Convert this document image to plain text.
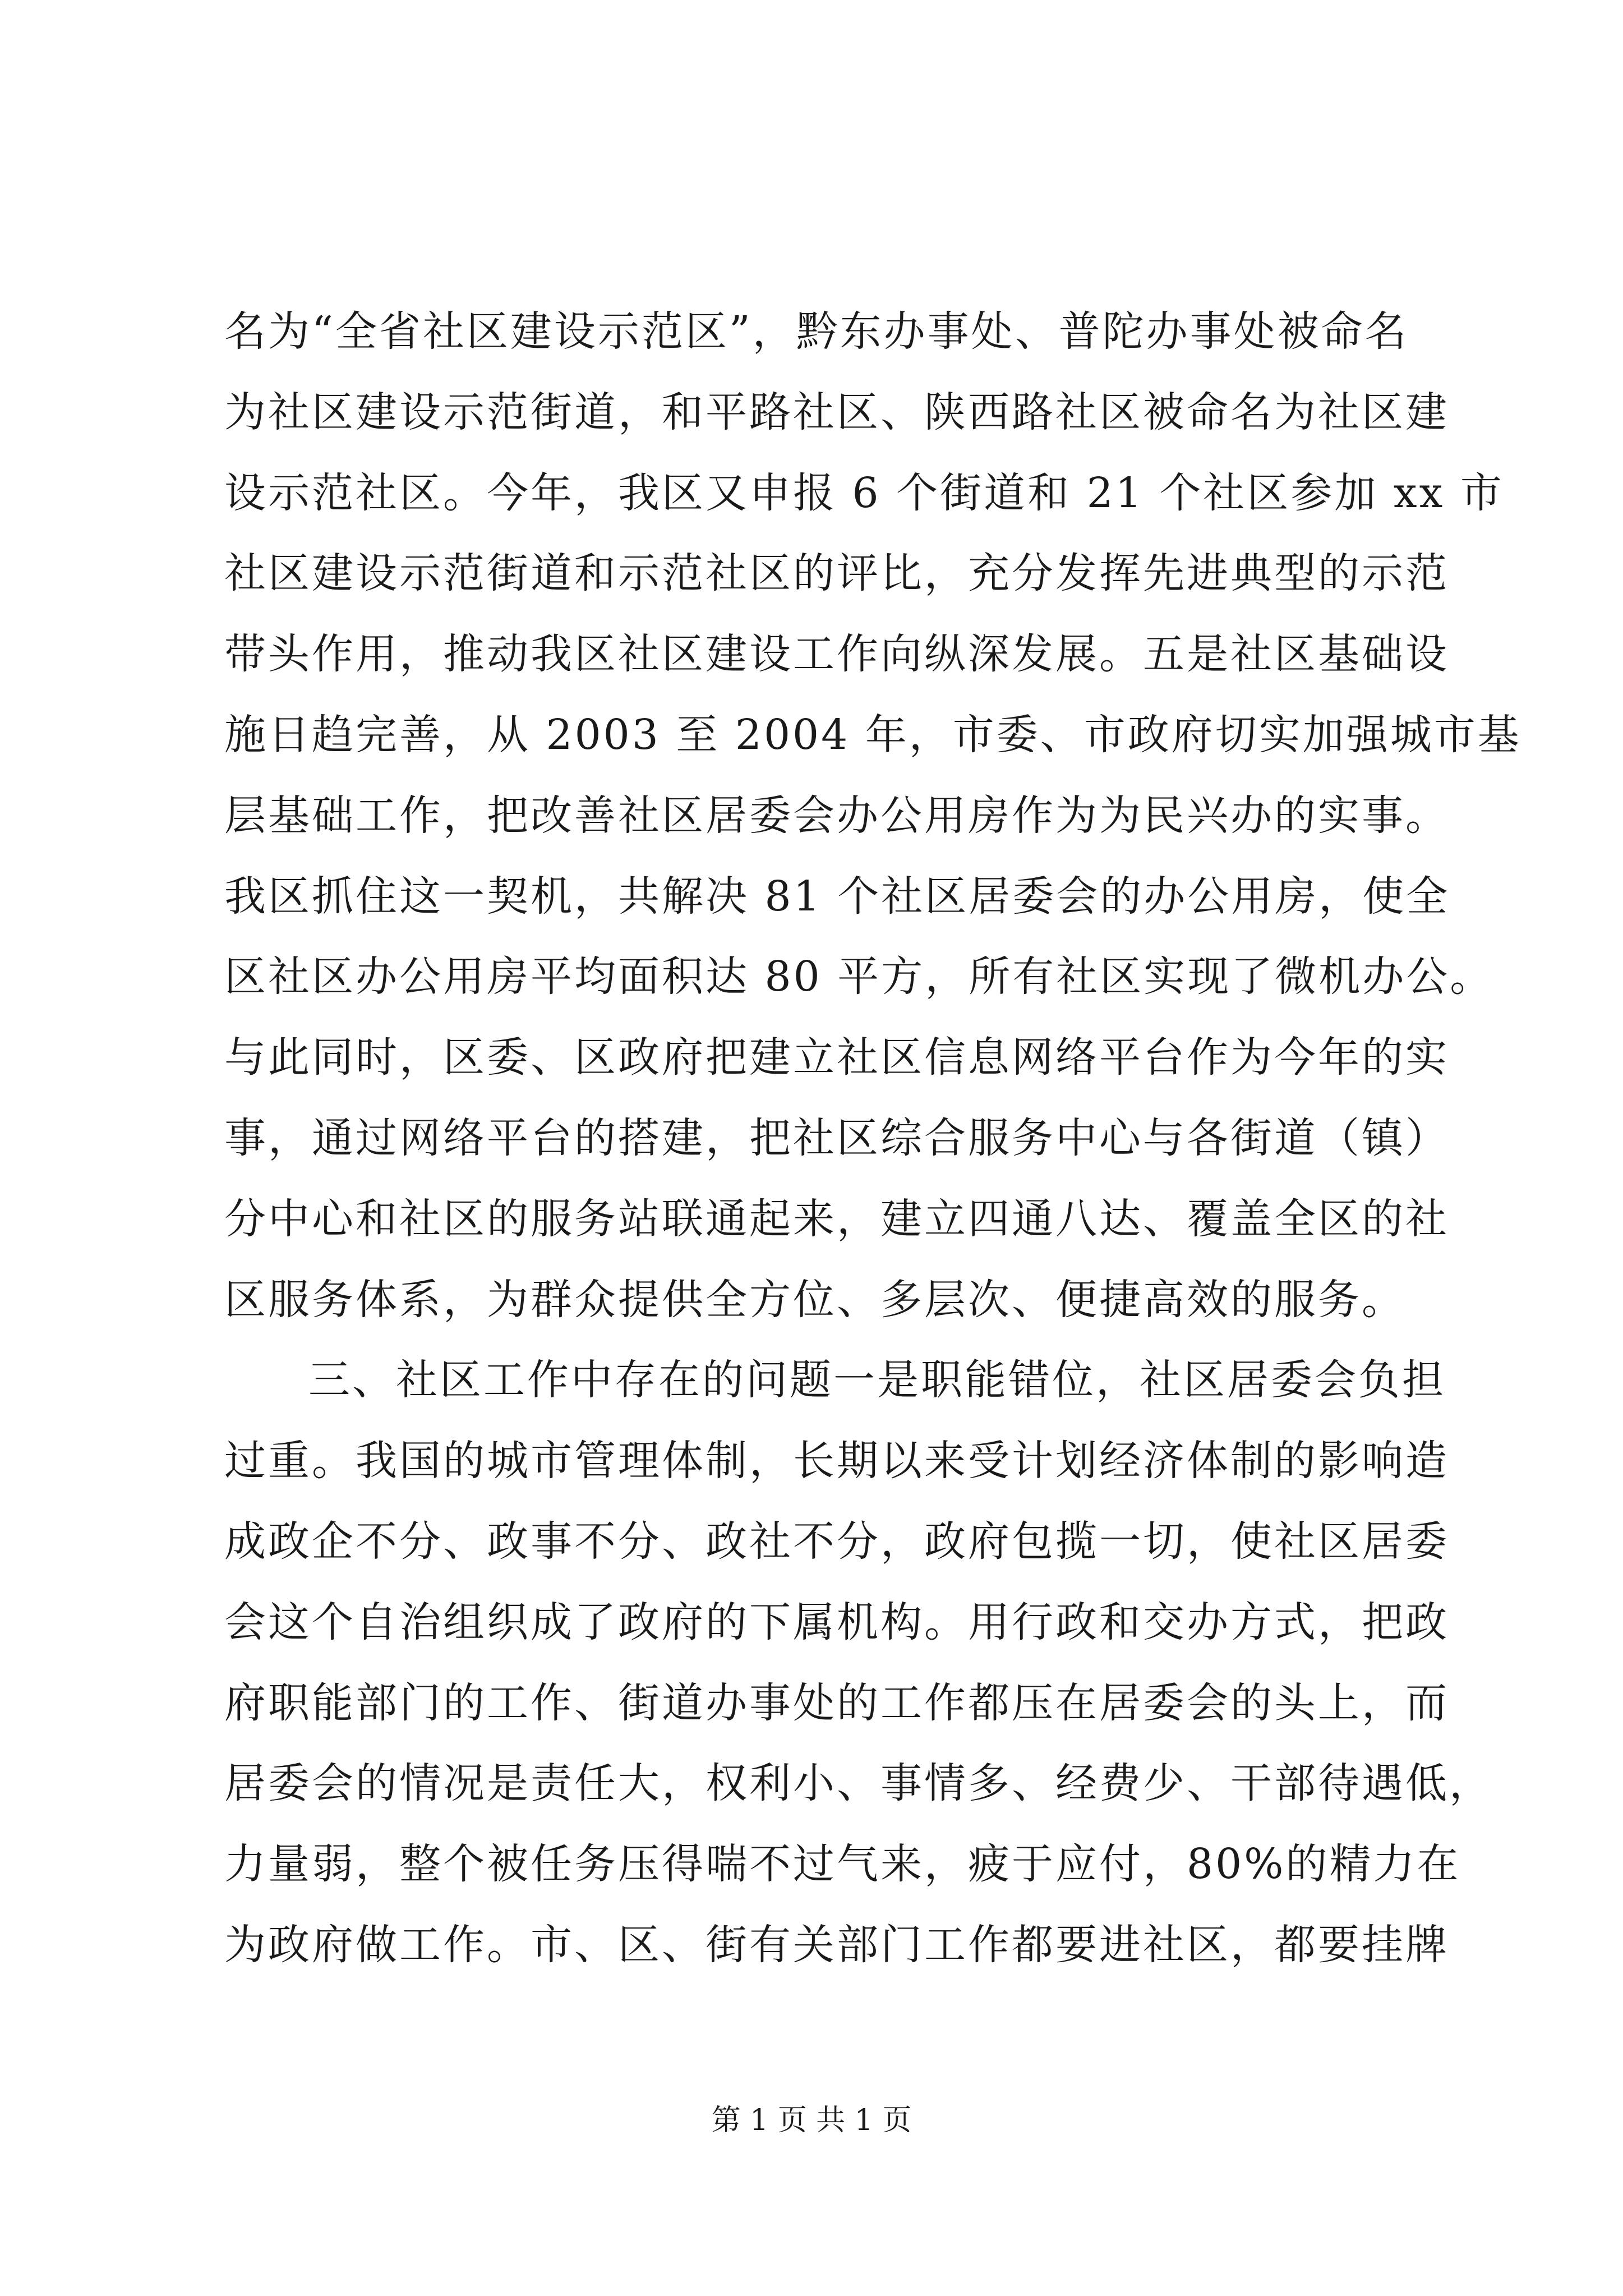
名为“全省社区建设示范区”，黔东办事处、普陀办事处被命名
为社区建设示范街道，和平路社区、陕西路社区被命名为社区建
设示范社区。今年，我区又申报 6 个街道和 21 个社区参加 xx 市
社区建设示范街道和示范社区的评比，充分发挥先进典型的示范
带头作用，推动我区社区建设工作向纵深发展。五是社区基础设
施日趋完善，从 2003 至 2004 年，市委、市政府切实加强城市基
层基础工作，把改善社区居委会办公用房作为为民兴办的实事。
我区抓住这一契机，共解决 81 个社区居委会的办公用房，使全
区社区办公用房平均面积达 80 平方，所有社区实现了微机办公。
与此同时，区委、区政府把建立社区信息网络平台作为今年的实
事，通过网络平台的搭建，把社区综合服务中心与各街道（镇）
分中心和社区的服务站联通起来，建立四通八达、覆盖全区的社
区服务体系，为群众提供全方位、多层次、便捷高效的服务。
三、社区工作中存在的问题一是职能错位，社区居委会负担
过重。我国的城市管理体制，长期以来受计划经济体制的影响造
成政企不分、政事不分、政社不分，政府包揽一切，使社区居委
会这个自治组织成了政府的下属机构。用行政和交办方式，把政
府职能部门的工作、街道办事处的工作都压在居委会的头上，而
居委会的情况是责任大，权利小、事情多、经费少、干部待遇低，
力量弱，整个被任务压得喘不过气来，疲于应付，80%的精力在
为政府做工作。市、区、街有关部门工作都要进社区，都要挂牌
第 1 页 共 1 页
